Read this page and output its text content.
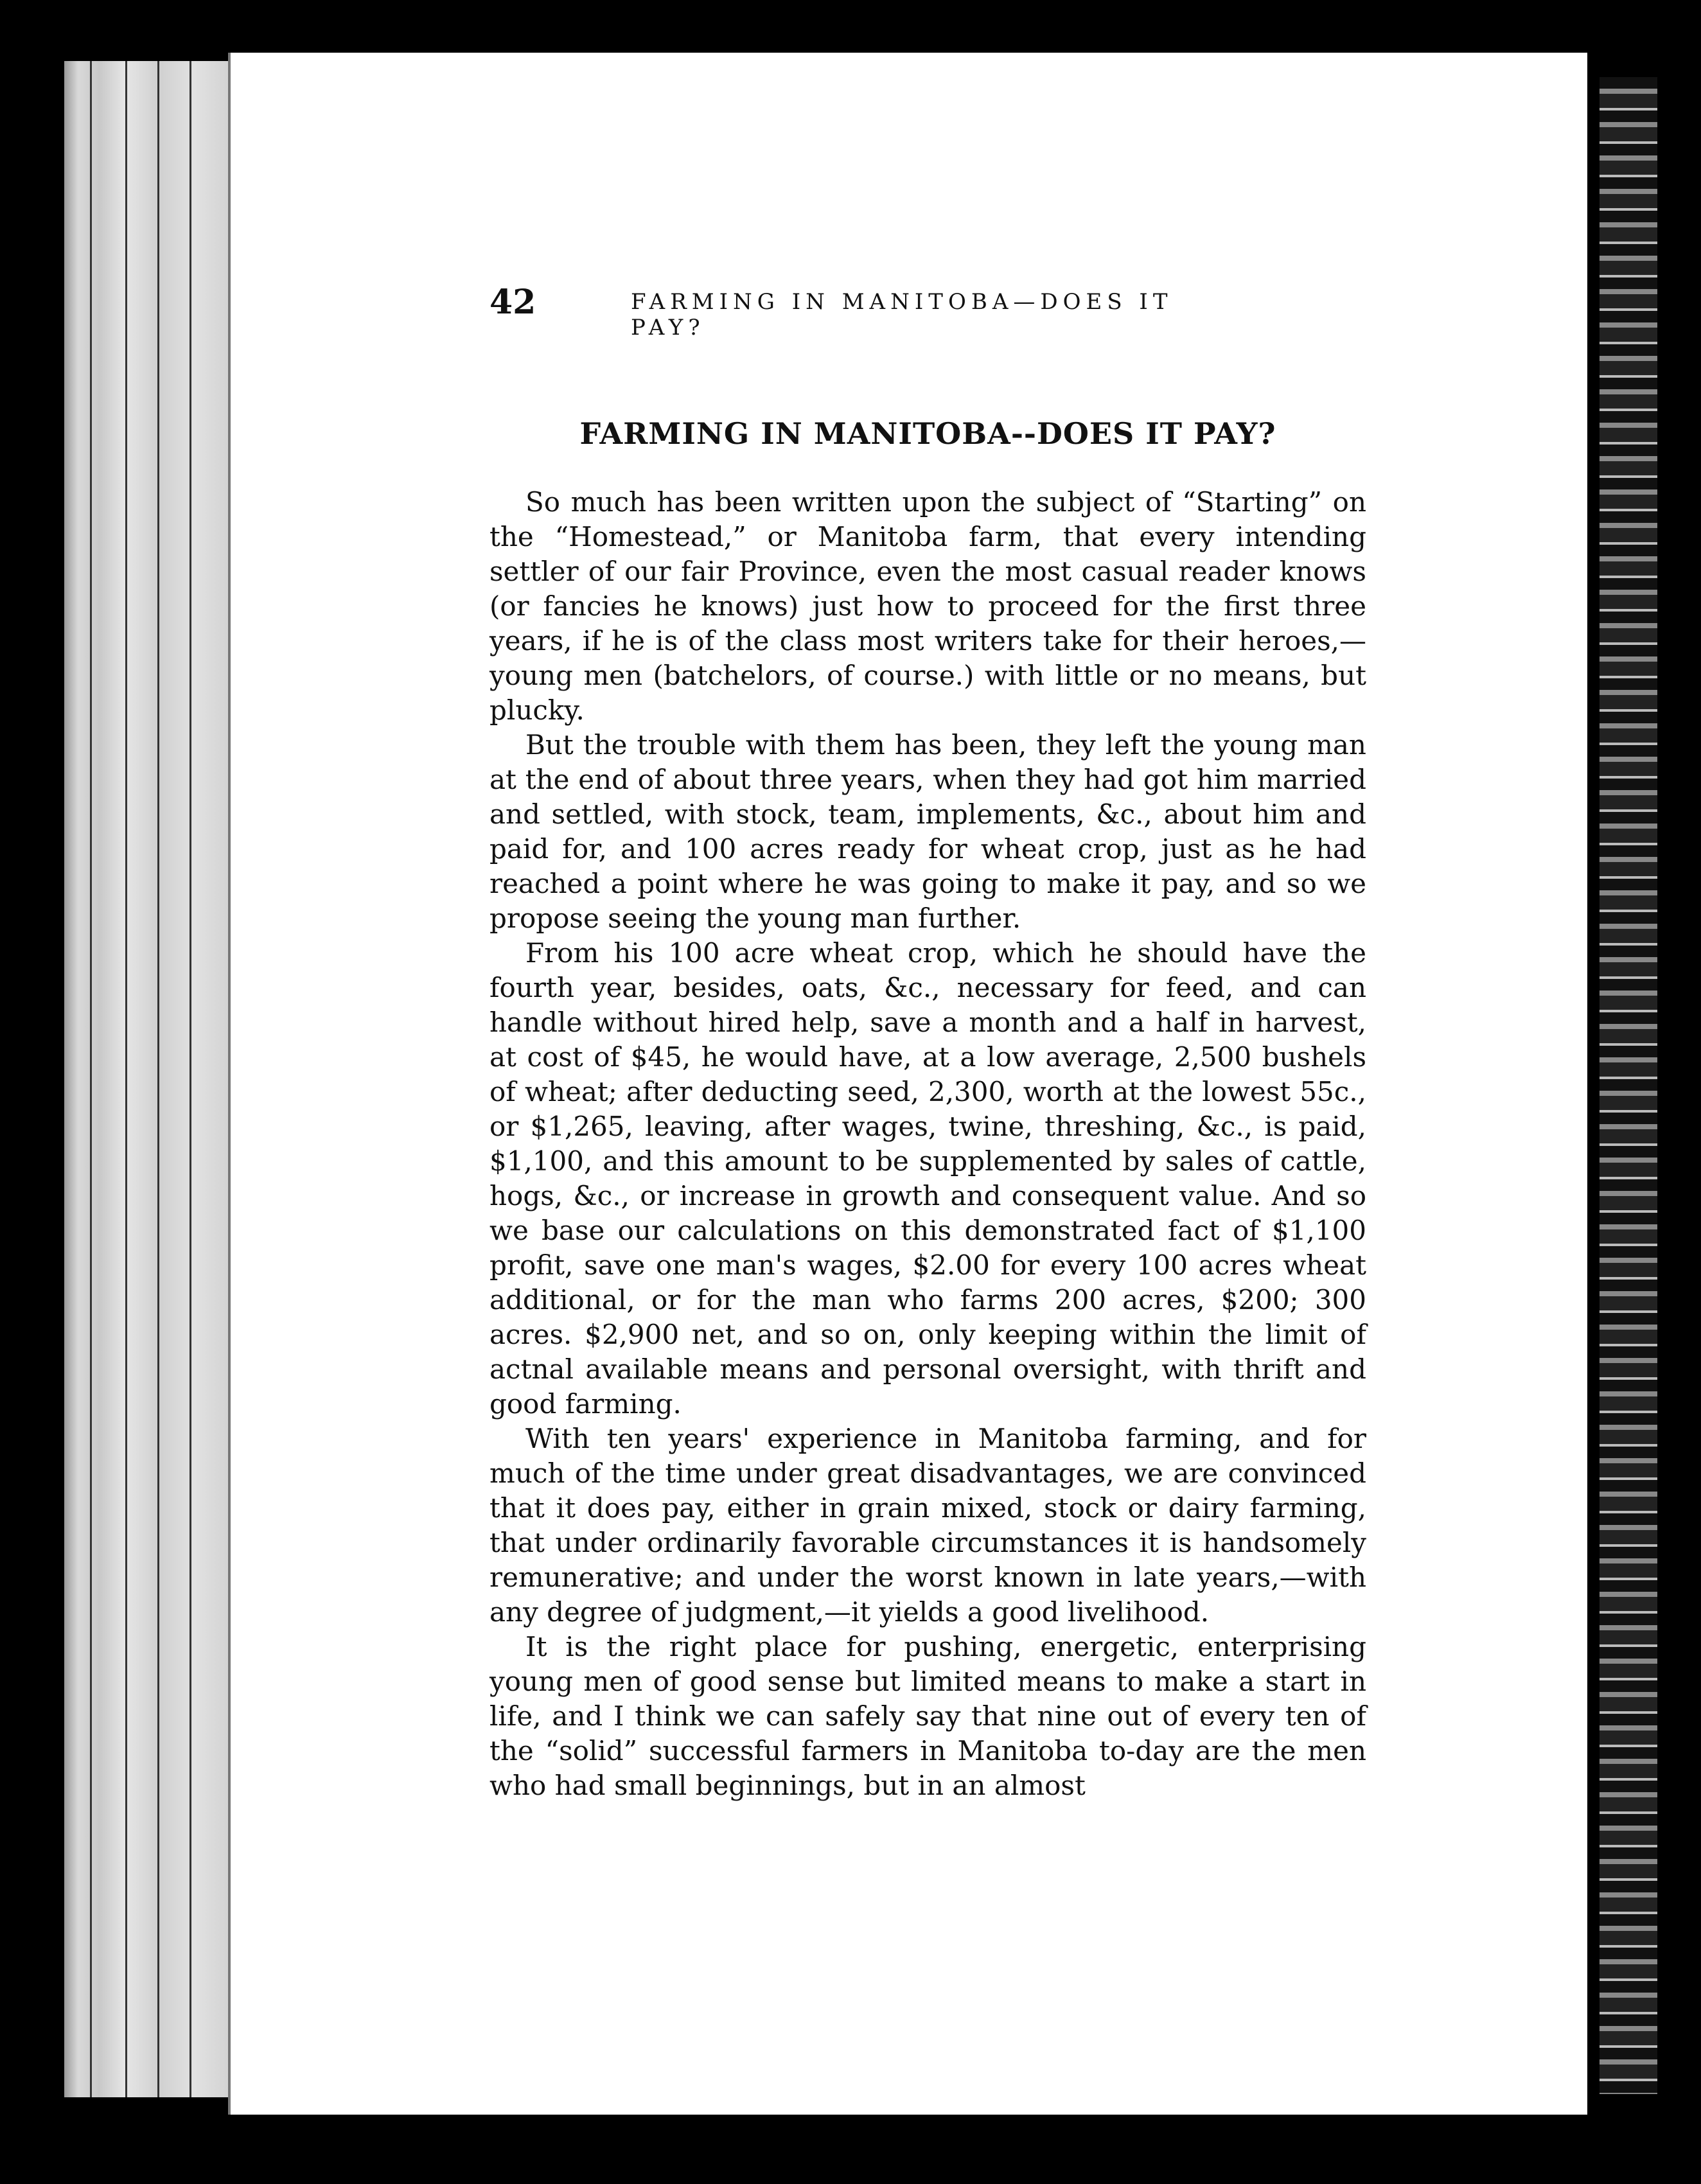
42	FARMING IN MANITOBA—DOES IT PAY?
FARMING IN MANITOBA--DOES IT PAY?

So much has been written upon the subject of “Starting” on the “Homestead,” or Manitoba farm, that every intending settler of our fair Province, even the most casual reader knows (or fancies he knows) just how to proceed for the first three years, if he is of the class most writers take for their heroes,—young men (batchelors, of course.) with little or no means, but plucky.

But the trouble with them has been, they left the young man at the end of about three years, when they had got him married and settled, with stock, team, implements, &c., about him and paid for, and 100 acres ready for wheat crop, just as he had reached a point where he was going to make it pay, and so we propose seeing the young man further.

From his 100 acre wheat crop, which he should have the fourth year, besides, oats, &c., necessary for feed, and can handle without hired help, save a month and a half in harvest, at cost of $45, he would have, at a low average, 2,500 bushels of wheat; after deducting seed, 2,300, worth at the lowest 55c., or $1,265, leaving, after wages, twine, threshing, &c., is paid, $1,100, and this amount to be supplemented by sales of cattle, hogs, &c., or increase in growth and consequent value. And so we base our calculations on this demonstrated fact of $1,100 profit, save one man's wages, $2.00 for every 100 acres wheat additional, or for the man who farms 200 acres, $200; 300 acres. $2,900 net, and so on, only keeping within the limit of actnal available means and personal oversight, with thrift and good farming.

With ten years' experience in Manitoba farming, and for much of the time under great disadvantages, we are convinced that it does pay, either in grain mixed, stock or dairy farming, that under ordinarily favorable circumstances it is handsomely remunerative; and under the worst known in late years,—with any degree of judgment,—it yields a good livelihood.

It is the right place for pushing, energetic, enterprising young men of good sense but limited means to make a start in life, and I think we can safely say that nine out of every ten of the “solid” successful farmers in Manitoba to-day are the men who had small beginnings, but in an almost
